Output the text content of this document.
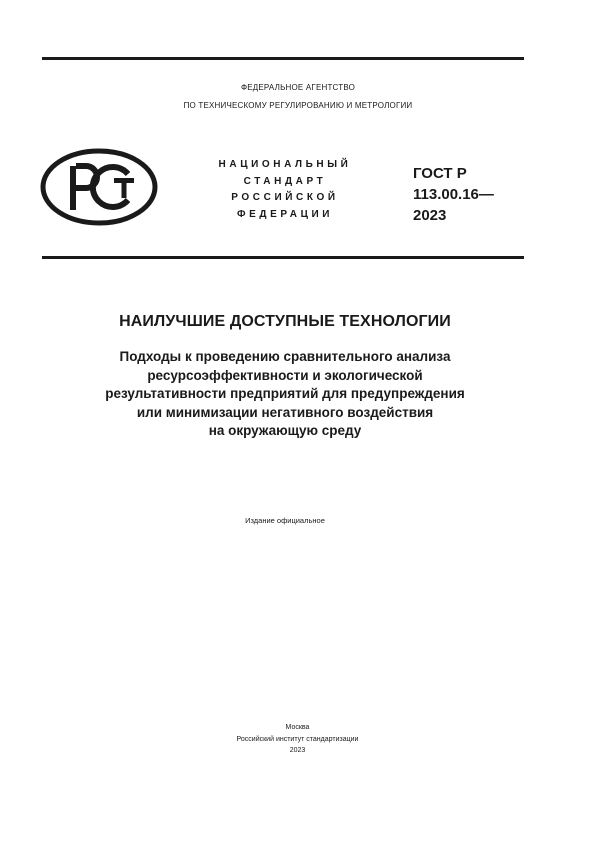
ФЕДЕРАЛЬНОЕ АГЕНТСТВО
ПО ТЕХНИЧЕСКОМУ РЕГУЛИРОВАНИЮ И МЕТРОЛОГИИ
НАЦИОНАЛЬНЫЙ
СТАНДАРТ
РОССИЙСКОЙ
ФЕДЕРАЦИИ
ГОСТ Р
113.00.16—
2023
НАИЛУЧШИЕ ДОСТУПНЫЕ ТЕХНОЛОГИИ
Подходы к проведению сравнительного анализа
ресурсоэффективности и экологической
результативности предприятий для предупреждения
или минимизации негативного воздействия
на окружающую среду
Издание официальное
Москва
Российский институт стандартизации
2023
